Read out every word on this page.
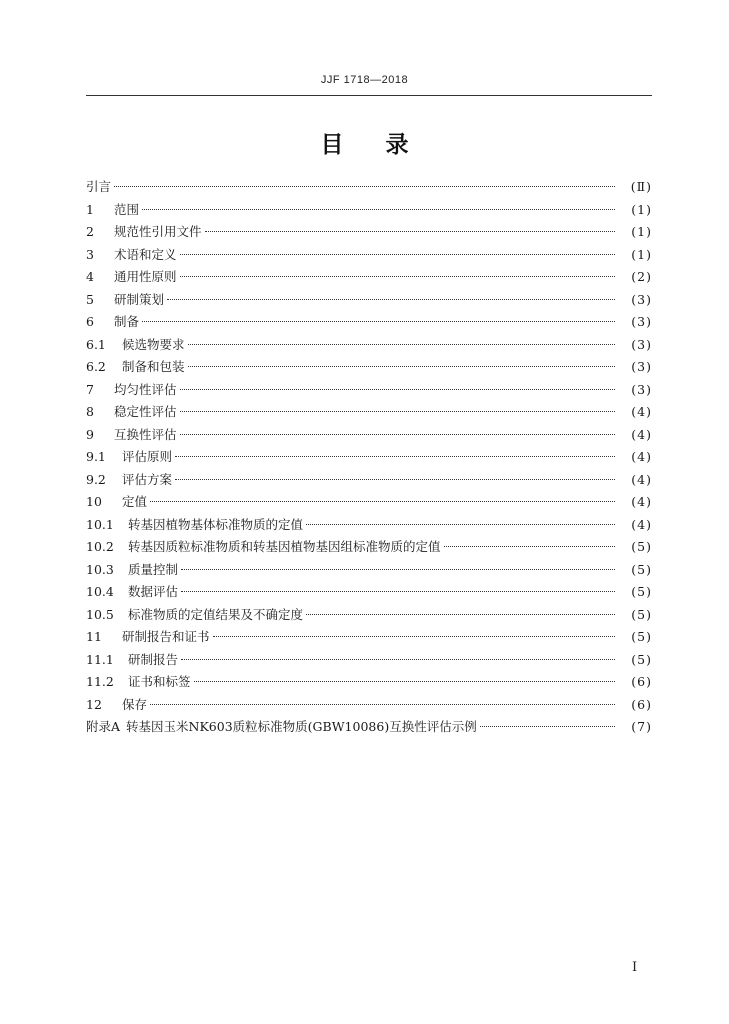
JJF 1718—2018
目 录
引言	(Ⅱ)
1	范围	(1)
2	规范性引用文件	(1)
3	术语和定义	(1)
4	通用性原则	(2)
5	研制策划	(3)
6	制备	(3)
6.1	候选物要求	(3)
6.2	制备和包装	(3)
7	均匀性评估	(3)
8	稳定性评估	(4)
9	互换性评估	(4)
9.1	评估原则	(4)
9.2	评估方案	(4)
10	定值	(4)
10.1	转基因植物基体标准物质的定值	(4)
10.2	转基因质粒标准物质和转基因植物基因组标准物质的定值	(5)
10.3	质量控制	(5)
10.4	数据评估	(5)
10.5	标准物质的定值结果及不确定度	(5)
11	研制报告和证书	(5)
11.1	研制报告	(5)
11.2	证书和标签	(6)
12	保存	(6)
附录A 转基因玉米NK603质粒标准物质(GBW10086)互换性评估示例	(7)
Ⅰ
